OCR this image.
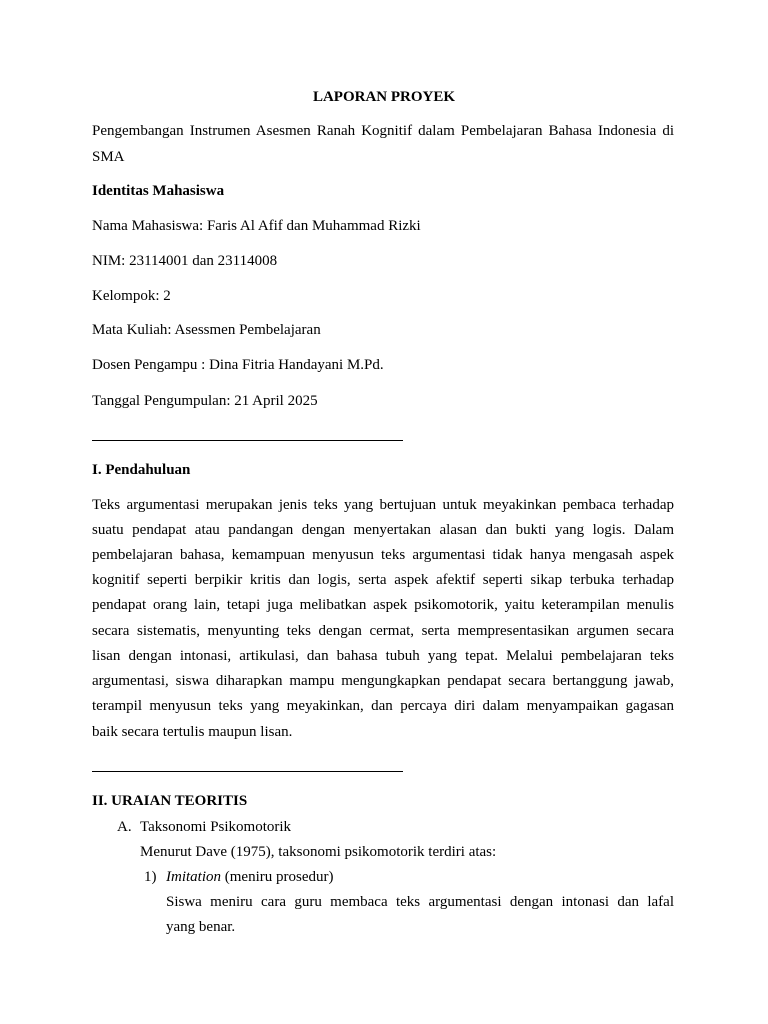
LAPORAN PROYEK
Pengembangan Instrumen Asesmen Ranah Kognitif dalam Pembelajaran Bahasa Indonesia di
SMA
Identitas Mahasiswa
Nama Mahasiswa: Faris Al Afif dan Muhammad Rizki
NIM: 23114001 dan 23114008
Kelompok: 2
Mata Kuliah: Asessmen Pembelajaran
Dosen Pengampu : Dina Fitria Handayani M.Pd.
Tanggal Pengumpulan: 21 April 2025
I. Pendahuluan
Teks argumentasi merupakan jenis teks yang bertujuan untuk meyakinkan pembaca terhadap
suatu pendapat atau pandangan dengan menyertakan alasan dan bukti yang logis. Dalam
pembelajaran bahasa, kemampuan menyusun teks argumentasi tidak hanya mengasah aspek
kognitif seperti berpikir kritis dan logis, serta aspek afektif seperti sikap terbuka terhadap
pendapat orang lain, tetapi juga melibatkan aspek psikomotorik, yaitu keterampilan menulis
secara sistematis, menyunting teks dengan cermat, serta mempresentasikan argumen secara
lisan dengan intonasi, artikulasi, dan bahasa tubuh yang tepat. Melalui pembelajaran teks
argumentasi, siswa diharapkan mampu mengungkapkan pendapat secara bertanggung jawab,
terampil menyusun teks yang meyakinkan, dan percaya diri dalam menyampaikan gagasan
baik secara tertulis maupun lisan.
II. URAIAN TEORITIS
A. Taksonomi Psikomotorik
Menurut Dave (1975), taksonomi psikomotorik terdiri atas:
1) Imitation (meniru prosedur)
Siswa meniru cara guru membaca teks argumentasi dengan intonasi dan lafal
yang benar.
